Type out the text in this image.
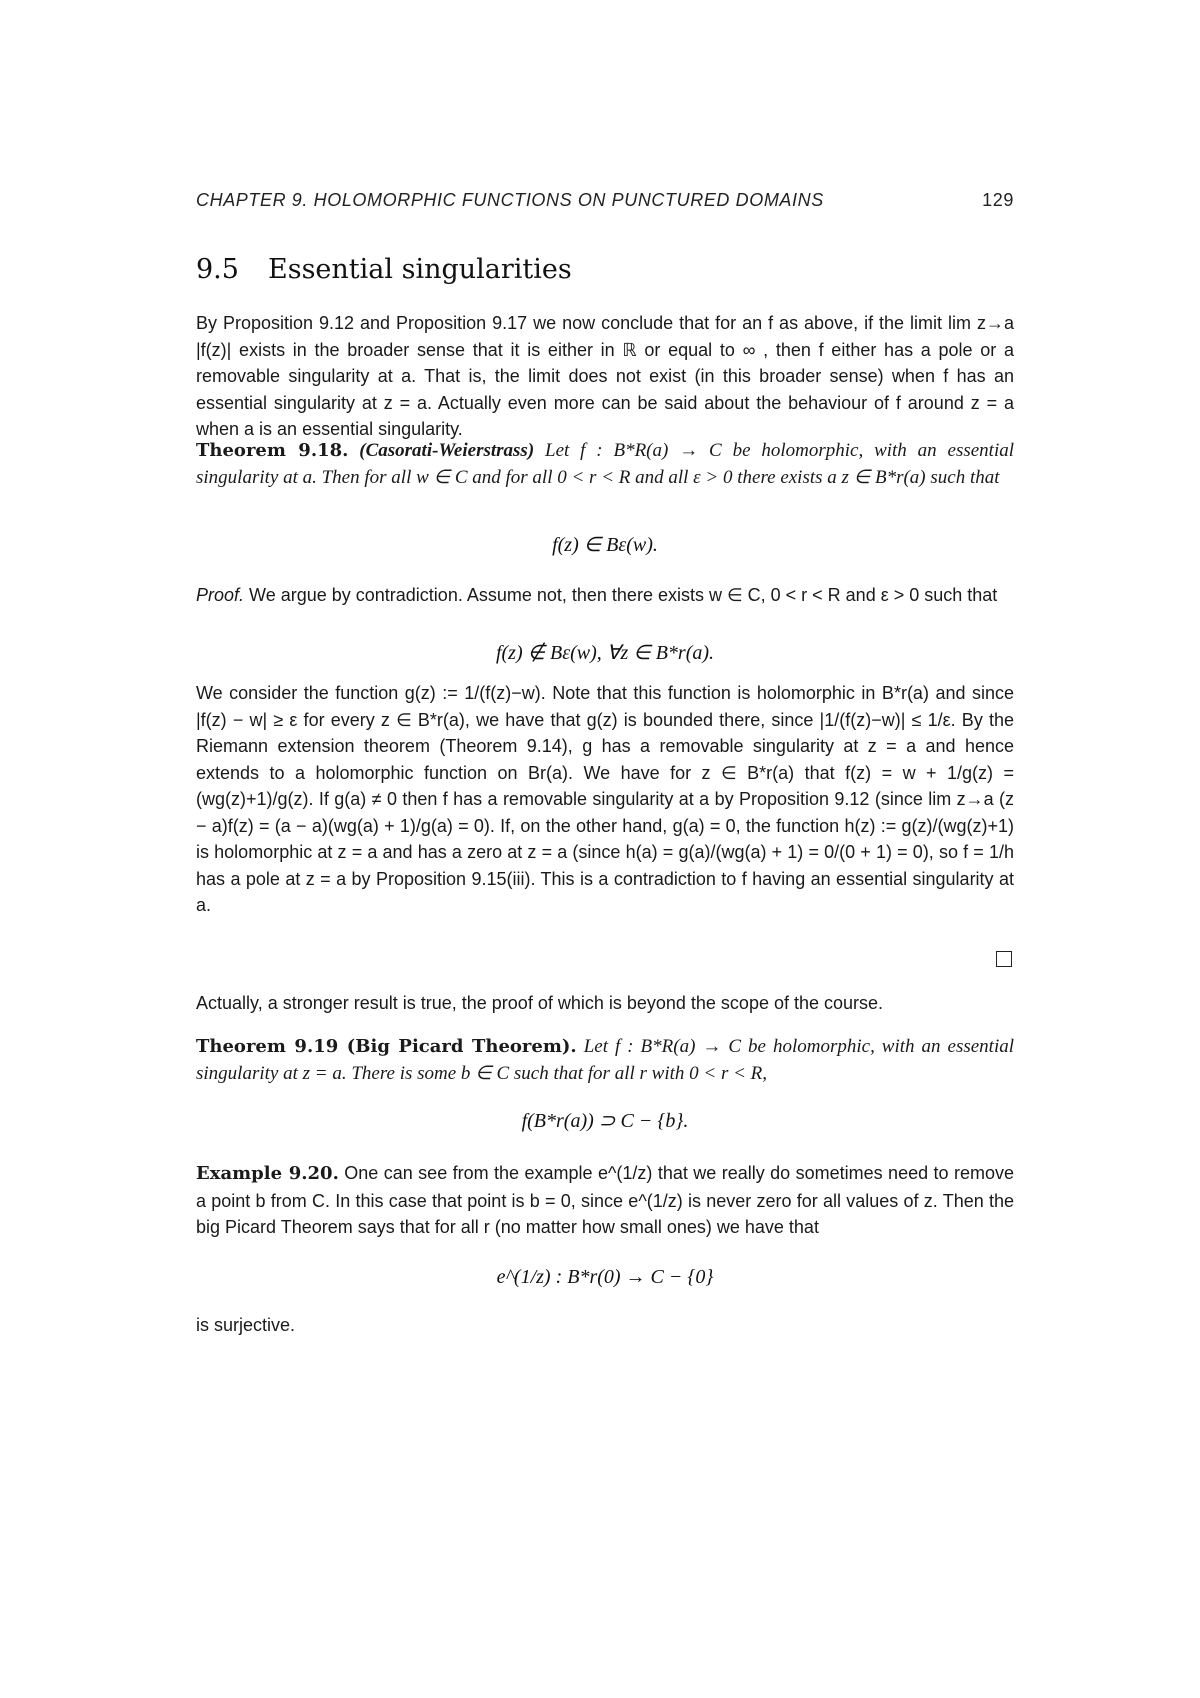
CHAPTER 9. HOLOMORPHIC FUNCTIONS ON PUNCTURED DOMAINS	129
9.5 Essential singularities

By Proposition 9.12 and Proposition 9.17 we now conclude that for an f as above, if the limit lim z→a |f(z)| exists in the broader sense that it is either in ℝ or equal to ∞ , then f either has a pole or a removable singularity at a. That is, the limit does not exist (in this broader sense) when f has an essential singularity at z = a. Actually even more can be said about the behaviour of f around z = a when a is an essential singularity.

Theorem 9.18. (Casorati-Weierstrass) Let f : B*R(a) → C be holomorphic, with an essential singularity at a. Then for all w ∈ C and for all 0 < r < R and all ε > 0 there exists a z ∈ B*r(a) such that

f(z) ∈ Bε(w).

Proof. We argue by contradiction. Assume not, then there exists w ∈ C, 0 < r < R and ε > 0 such that

f(z) ∉ Bε(w), ∀z ∈ B*r(a).

We consider the function g(z) := 1/(f(z)−w). Note that this function is holomorphic in B*r(a) and since |f(z) − w| ≥ ε for every z ∈ B*r(a), we have that g(z) is bounded there, since |1/(f(z)−w)| ≤ 1/ε. By the Riemann extension theorem (Theorem 9.14), g has a removable singularity at z = a and hence extends to a holomorphic function on Br(a). We have for z ∈ B*r(a) that f(z) = w + 1/g(z) = (wg(z)+1)/g(z). If g(a) ≠ 0 then f has a removable singularity at a by Proposition 9.12 (since lim z→a (z − a)f(z) = (a − a)(wg(a) + 1)/g(a) = 0). If, on the other hand, g(a) = 0, the function h(z) := g(z)/(wg(z)+1) is holomorphic at z = a and has a zero at z = a (since h(a) = g(a)/(wg(a) + 1) = 0/(0 + 1) = 0), so f = 1/h has a pole at z = a by Proposition 9.15(iii). This is a contradiction to f having an essential singularity at a.

Actually, a stronger result is true, the proof of which is beyond the scope of the course.

Theorem 9.19 (Big Picard Theorem). Let f : B*R(a) → C be holomorphic, with an essential singularity at z = a. There is some b ∈ C such that for all r with 0 < r < R,

f(B*r(a)) ⊃ C − {b}.

Example 9.20. One can see from the example e^(1/z) that we really do sometimes need to remove a point b from C. In this case that point is b = 0, since e^(1/z) is never zero for all values of z. Then the big Picard Theorem says that for all r (no matter how small ones) we have that

e^(1/z) : B*r(0) → C − {0}

is surjective.
